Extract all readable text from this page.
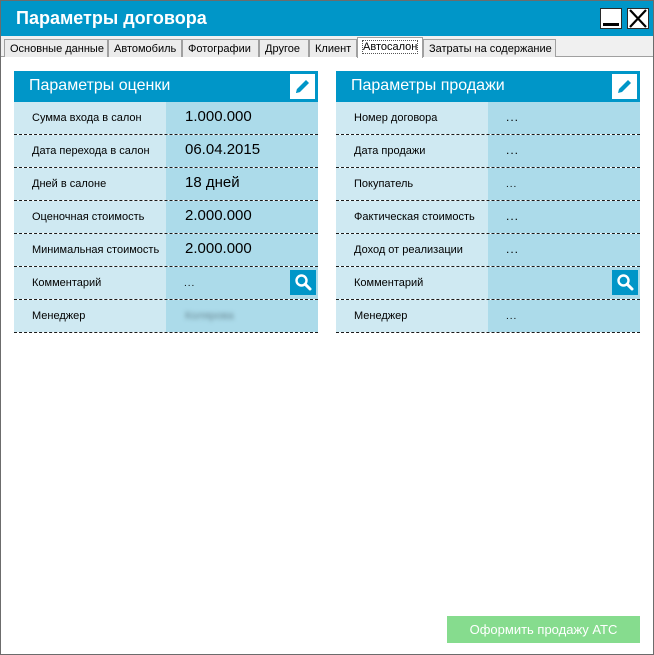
Параметры договора
Основные данные Автомобиль	Фотографии	Другое	Клиент	Автосалон	Затраты на содержание
Параметры оценки
Сумма входа в салон	1.000.000
Дата перехода в салон	06.04.2015
Дней в салоне	18 дней
Оценочная стоимость	2.000.000
Минимальная стоимость	2.000.000
Комментарий	...
Менеджер	Колярова
Параметры продажи
Номер договора	...
Дата продажи	...
Покупатель	...
Фактическая стоимость	...
Доход от реализации	...
Комментарий
Менеджер	...
Оформить продажу АТС
